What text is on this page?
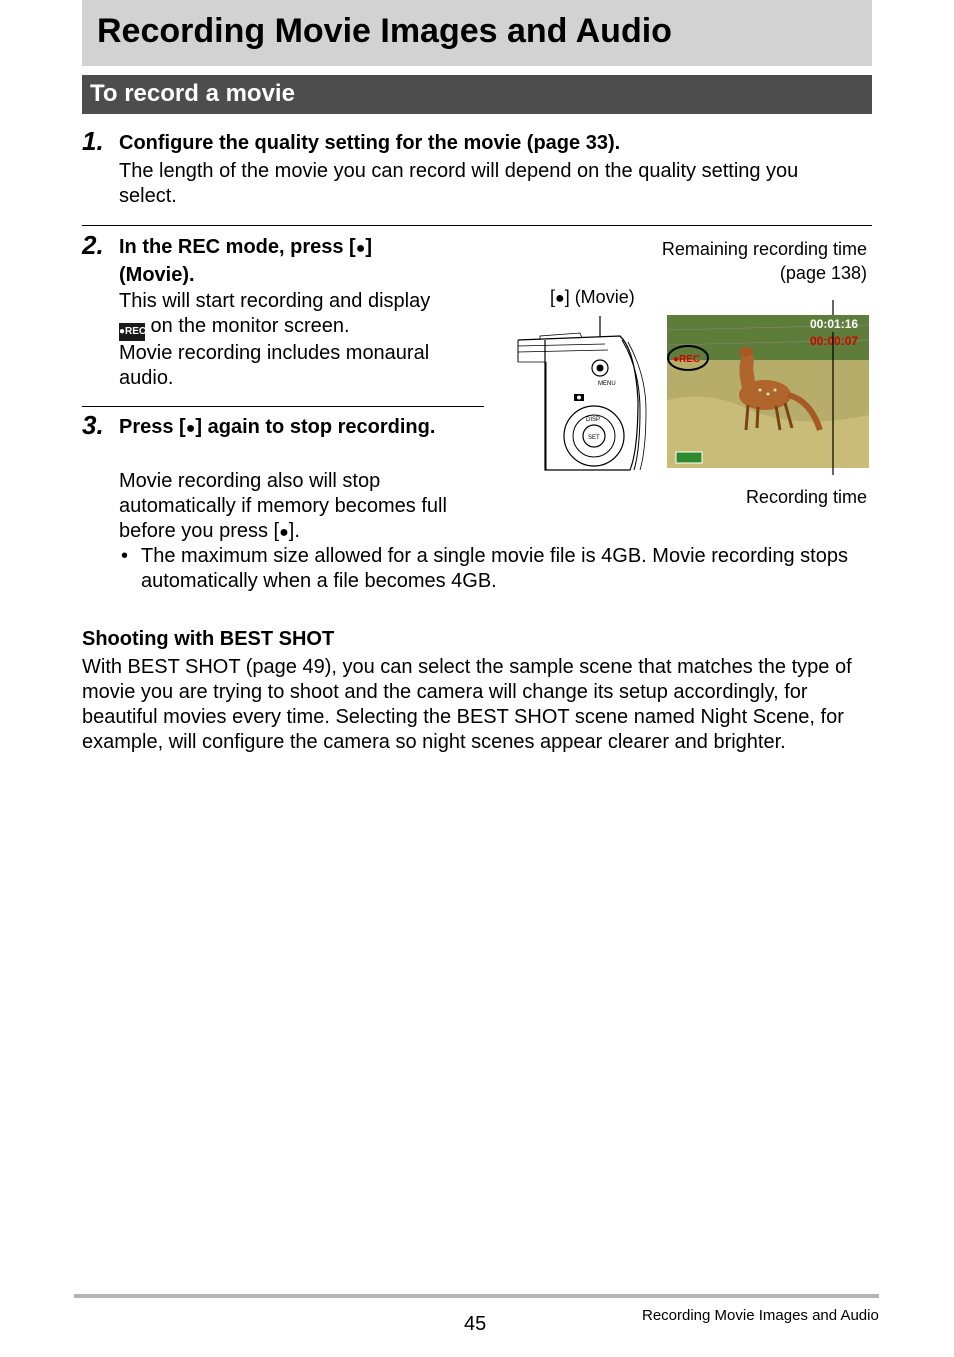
Recording Movie Images and Audio
To record a movie
1. Configure the quality setting for the movie (page 33).
The length of the movie you can record will depend on the quality setting you select.
2. In the REC mode, press [●] (Movie).
This will start recording and display
●REC on the monitor screen.
Movie recording includes monaural audio.
3. Press [●] again to stop recording.
Movie recording also will stop automatically if memory becomes full before you press [●].
• The maximum size allowed for a single movie file is 4GB. Movie recording stops automatically when a file becomes 4GB.
Shooting with BEST SHOT
With BEST SHOT (page 49), you can select the sample scene that matches the type of movie you are trying to shoot and the camera will change its setup accordingly, for beautiful movies every time. Selecting the BEST SHOT scene named Night Scene, for example, will configure the camera so night scenes appear clearer and brighter.
Remaining recording time
(page 138)
[●] (Movie)
Recording time
MENU
DISP
SET
●REC
00:01:16
00:00:07
45	Recording Movie Images and Audio
